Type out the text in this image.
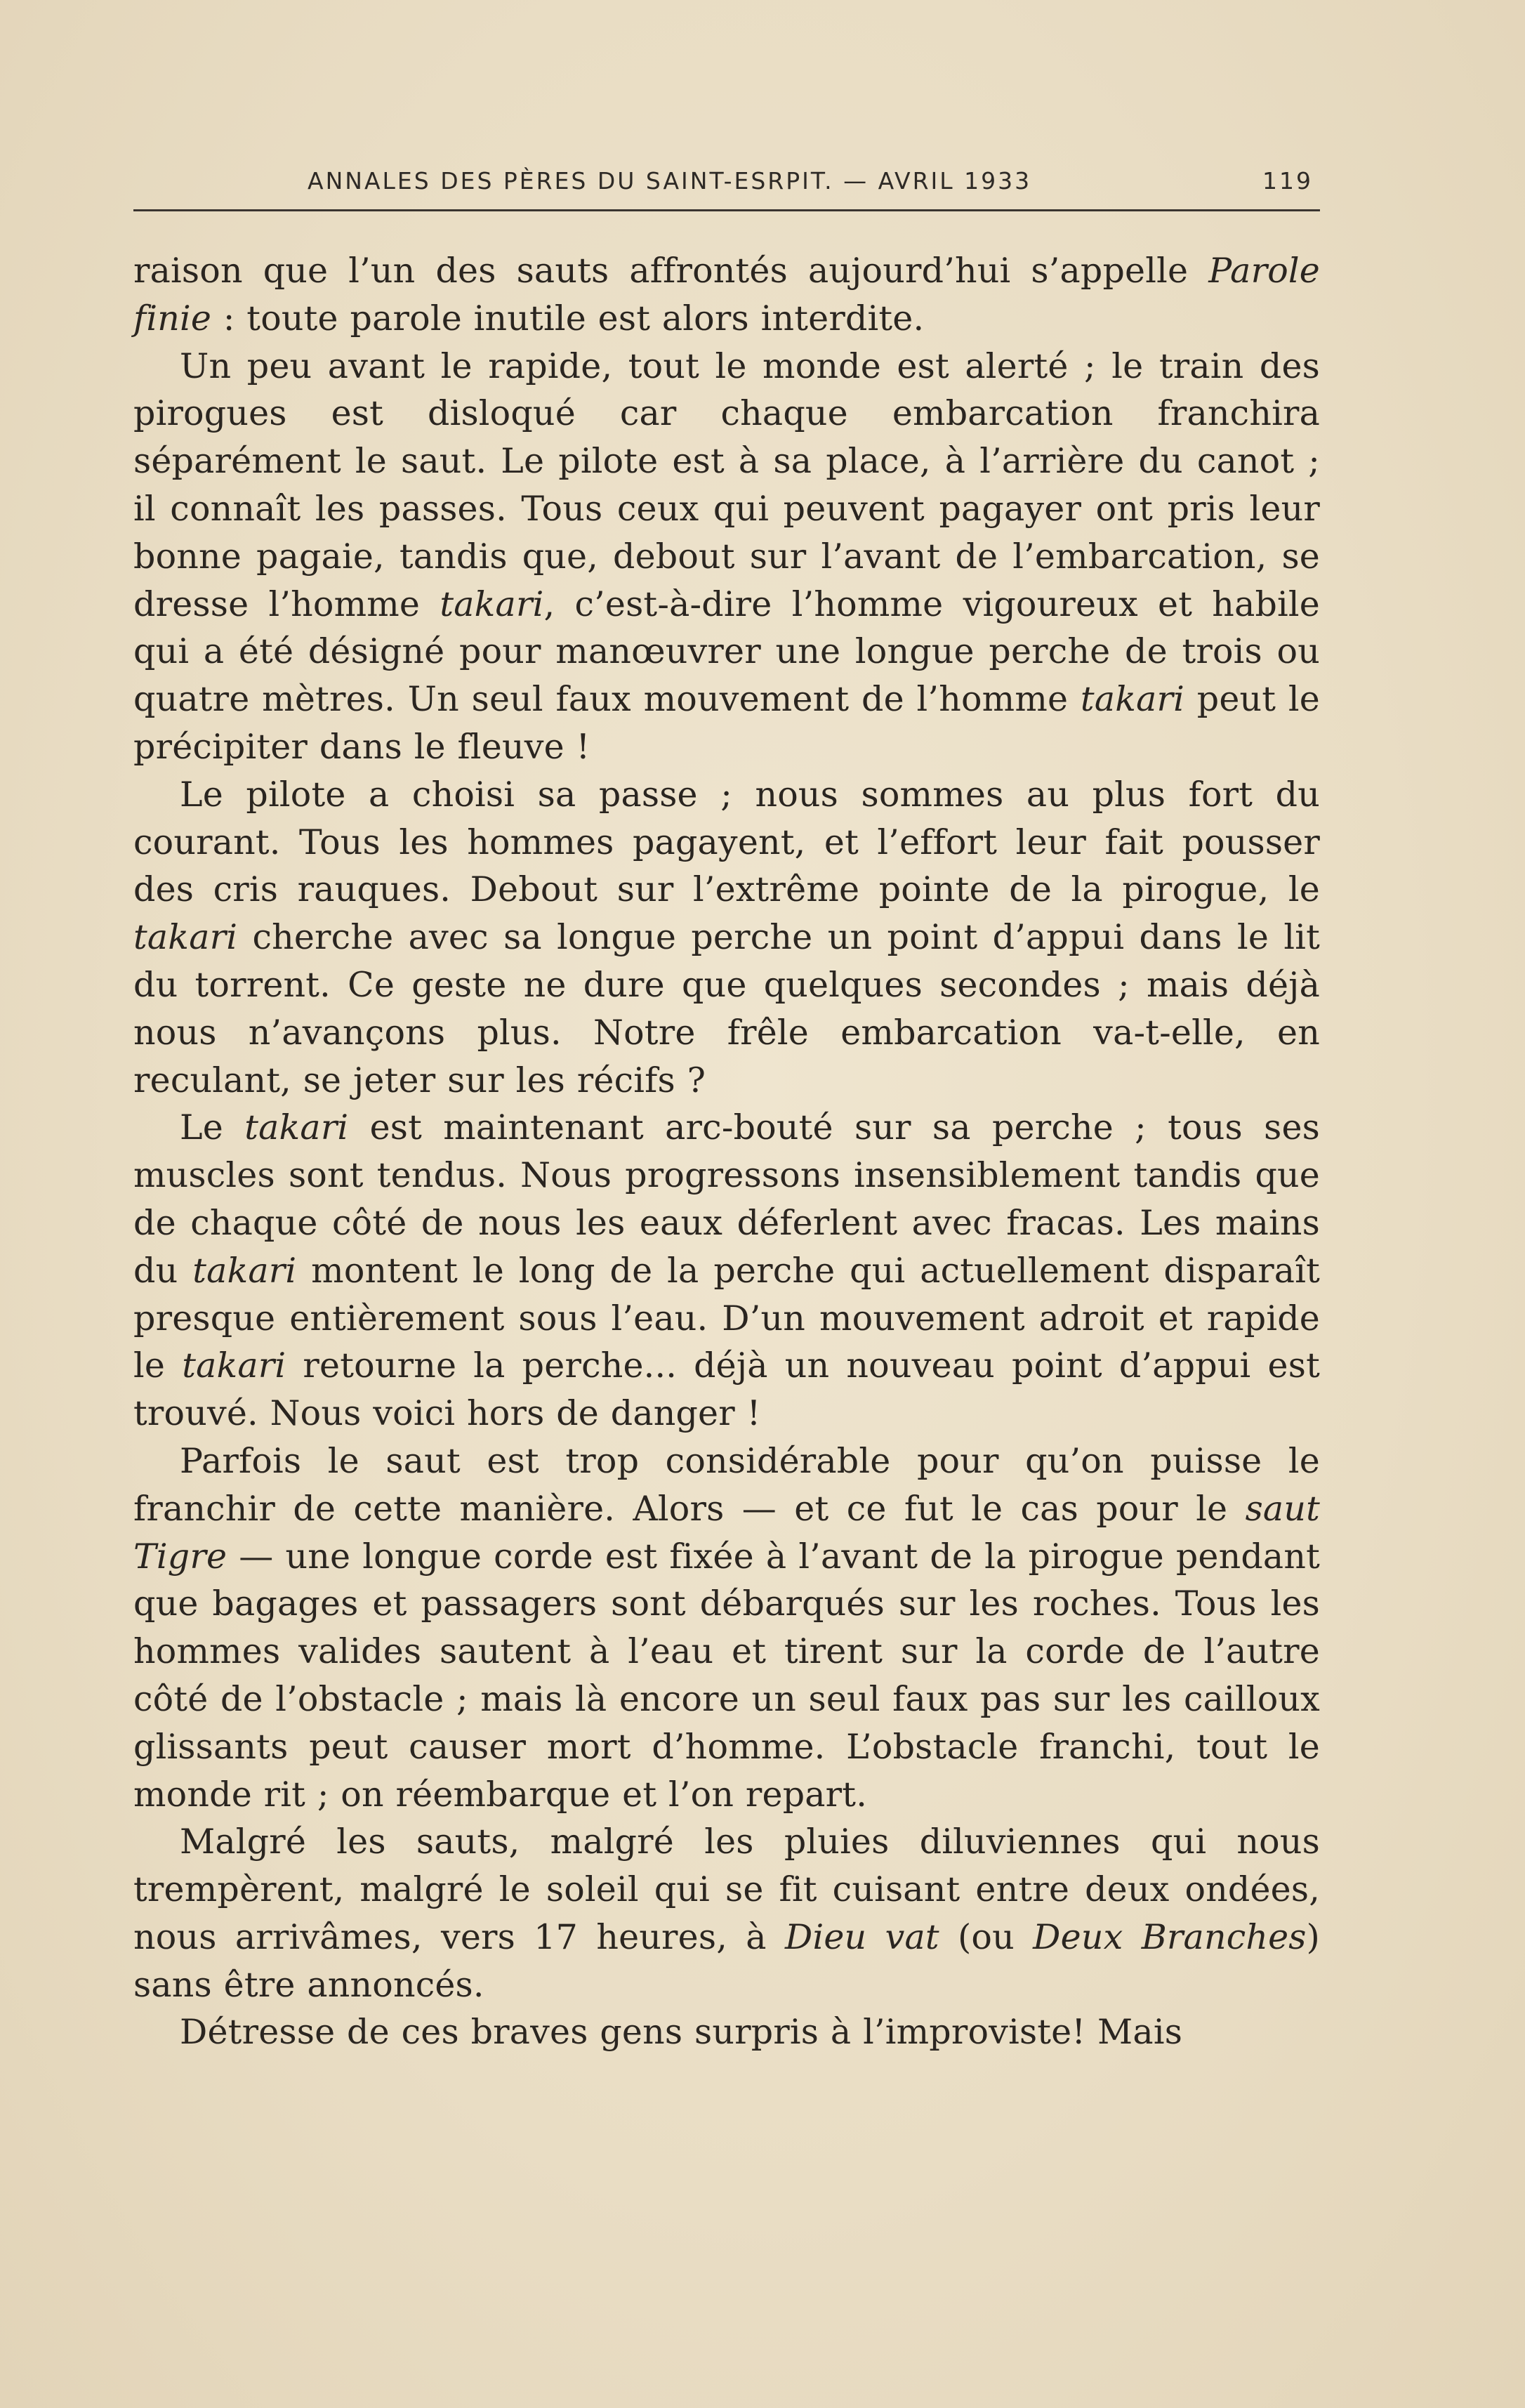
ANNALES DES PÈRES DU SAINT-ESRPIT. — AVRIL 1933	119

raison que l’un des sauts affrontés aujourd’hui s’appelle Parole finie : toute parole inutile est alors interdite.

Un peu avant le rapide, tout le monde est alerté ; le train des pirogues est disloqué car chaque embarcation franchira séparément le saut. Le pilote est à sa place, à l’arrière du canot ; il connaît les passes. Tous ceux qui peuvent pagayer ont pris leur bonne pagaie, tandis que, debout sur l’avant de l’embarcation, se dresse l’homme takari, c’est-à-dire l’homme vigoureux et habile qui a été désigné pour manœuvrer une longue perche de trois ou quatre mètres. Un seul faux mouvement de l’homme takari peut le précipiter dans le fleuve !

Le pilote a choisi sa passe ; nous sommes au plus fort du courant. Tous les hommes pagayent, et l’effort leur fait pousser des cris rauques. Debout sur l’extrême pointe de la pirogue, le takari cherche avec sa longue perche un point d’appui dans le lit du torrent. Ce geste ne dure que quelques secondes ; mais déjà nous n’avançons plus. Notre frêle embarcation va-t-elle, en reculant, se jeter sur les récifs ?

Le takari est maintenant arc-bouté sur sa perche ; tous ses muscles sont tendus. Nous progressons insensiblement tandis que de chaque côté de nous les eaux déferlent avec fracas. Les mains du takari montent le long de la perche qui actuellement disparaît presque entièrement sous l’eau. D’un mouvement adroit et rapide le takari retourne la perche... déjà un nouveau point d’appui est trouvé. Nous voici hors de danger !

Parfois le saut est trop considérable pour qu’on puisse le franchir de cette manière. Alors — et ce fut le cas pour le saut Tigre — une longue corde est fixée à l’avant de la pirogue pendant que bagages et passagers sont débarqués sur les roches. Tous les hommes valides sautent à l’eau et tirent sur la corde de l’autre côté de l’obstacle ; mais là encore un seul faux pas sur les cailloux glissants peut causer mort d’homme. L’obstacle franchi, tout le monde rit ; on réembarque et l’on repart.

Malgré les sauts, malgré les pluies diluviennes qui nous trempèrent, malgré le soleil qui se fit cuisant entre deux ondées, nous arrivâmes, vers 17 heures, à Dieu vat (ou Deux Branches) sans être annoncés.

Détresse de ces braves gens surpris à l’improviste! Mais
